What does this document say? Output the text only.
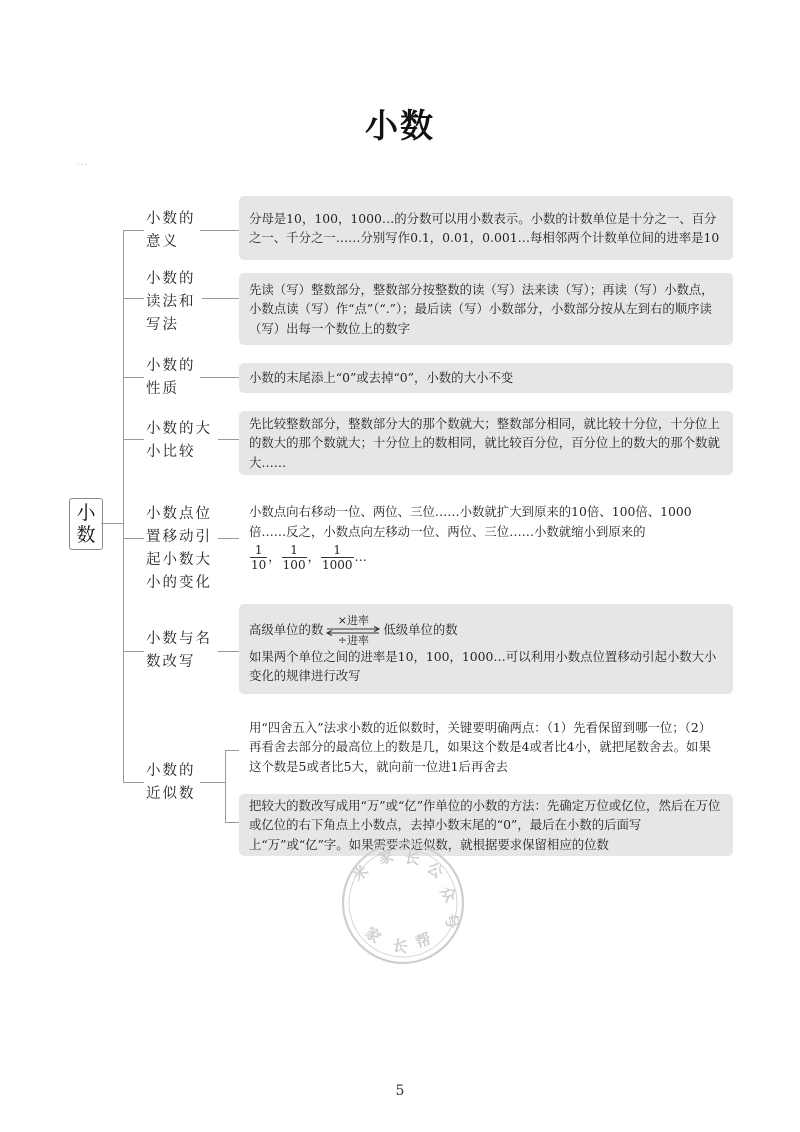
小数
...
小
数
小数的
意义
小数的
读法和
写法
小数的
性质
小数的大
小比较
小数点位
置移动引
起小数大
小的变化
小数与名
数改写
小数的
近似数
分母是10，100，1000…的分数可以用小数表示。小数的计数单位是十分之一、百分之一、千分之一……分别写作0.1，0.01，0.001…每相邻两个计数单位间的进率是10
先读（写）整数部分，整数部分按整数的读（写）法来读（写）；再读（写）小数点，小数点读（写）作“点”（“.”）；最后读（写）小数部分，小数部分按从左到右的顺序读（写）出每一个数位上的数字
小数的末尾添上“0”或去掉“0”，小数的大小不变
先比较整数部分，整数部分大的那个数就大；整数部分相同，就比较十分位，十分位上的数大的那个数就大；十分位上的数相同，就比较百分位，百分位上的数大的那个数就大……
小数点向右移动一位、两位、三位……小数就扩大到原来的10倍、100倍、1000倍……反之，小数点向左移动一位、两位、三位……小数就缩小到原来的
$\frac{1}{10}$ ， $\frac{1}{100}$ ， $\frac{1}{1000}$ …
高级单位的数
×进率
÷进率
低级单位的数
如果两个单位之间的进率是10，100，1000…可以利用小数点位置移动引起小数大小变化的规律进行改写
用“四舍五入”法求小数的近似数时，关键要明确两点：（1）先看保留到哪一位；（2）再看舍去部分的最高位上的数是几，如果这个数是4或者比4小，就把尾数舍去。如果这个数是5或者比5大，就向前一位进1后再舍去
把较大的数改写成用“万”或“亿”作单位的小数的方法：先确定万位或亿位，然后在万位或亿位的右下角点上小数点，去掉小数末尾的“0”，最后在小数的后面写上“万”或“亿”字。如果需要求近似数，就根据要求保留相应的位数
米
家 长
公
众
号
家 长 帮
5
